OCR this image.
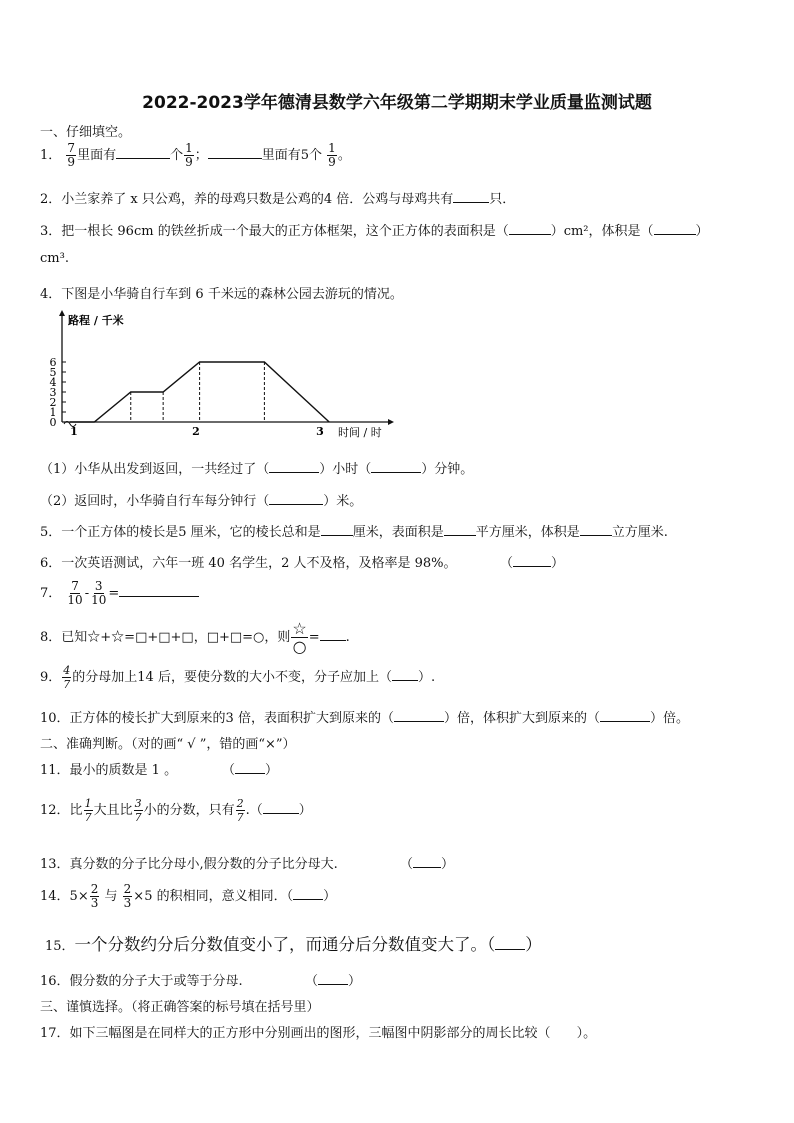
2022-2023学年德清县数学六年级第二学期期末学业质量监测试题
一、仔细填空。
1． $\frac{7}{9}$ 里面有	个 $\frac{1}{9}$ ；	里面有5个 $\frac{1}{9}$ 。
2．小兰家养了 x 只公鸡，养的母鸡只数是公鸡的4 倍．公鸡与母鸡共有	只．
3．把一根长 96cm 的铁丝折成一个最大的正方体框架，这个正方体的表面积是（	）cm²，体积是（	）
cm³.
4．下图是小华骑自行车到 6 千米远的森林公园去游玩的情况。
路程 / 千米
时间 / 时
0
1
2
3
4
5
6
1	2	3
（1）小华从出发到返回，一共经过了（	）小时（	）分钟。
（2）返回时，小华骑自行车每分钟行（	）米。
5．一个正方体的棱长是5 厘米，它的棱长总和是 厘米，表面积是 平方厘米，体积是 立方厘米.
6．一次英语测试，六年一班 40 名学生，2 人不及格，及格率是 98%。	（	）
7． $\frac{7}{10} - \frac{3}{10}$ =
8．已知☆+☆=□+□+□，□+□=○，则 $\frac{☆}{○}$ = .
9． $\frac{4}{7}$ 的分母加上14 后，要使分数的大小不变，分子应加上（ ）.
10．正方体的棱长扩大到原来的3 倍，表面积扩大到原来的（	）倍，体积扩大到原来的（	）倍。
二、准确判断。（对的画“ √ ”，错的画“×”）
11．最小的质数是 1 。	（ ）
12．比 $\frac{1}{7}$ 大且比 $\frac{3}{7}$ 小的分数，只有 $\frac{2}{7}$ .（	）
13．真分数的分子比分母小,假分数的分子比分母大.	（ ）
14．$5\times \frac{2}{3}$ 与 $\frac{2}{3} \times 5$ 的积相同，意义相同．（ ）
15．一个分数约分后分数值变小了，而通分后分数值变大了。（ ）
16．假分数的分子大于或等于分母.	（ ）
三、谨慎选择。（将正确答案的标号填在括号里）
17．如下三幅图是在同样大的正方形中分别画出的图形，三幅图中阴影部分的周长比较（ ）。
